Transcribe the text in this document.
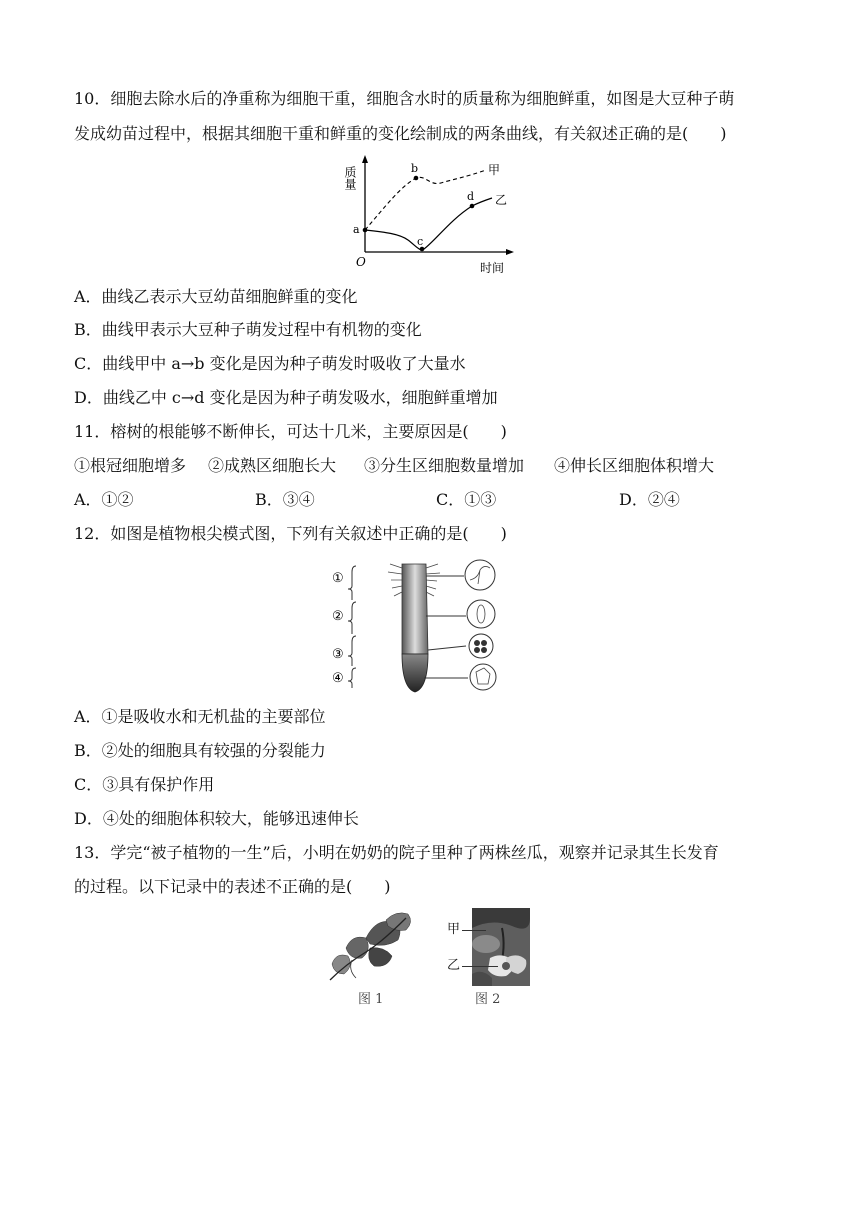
10．细胞去除水后的净重称为细胞干重，细胞含水时的质量称为细胞鲜重，如图是大豆种子萌
发成幼苗过程中，根据其细胞干重和鲜重的变化绘制成的两条曲线，有关叙述正确的是(　　)
质量
时间
O
a
b
c
d
甲
乙
A．曲线乙表示大豆幼苗细胞鲜重的变化
B．曲线甲表示大豆种子萌发过程中有机物的变化
C．曲线甲中 a→b 变化是因为种子萌发时吸收了大量水
D．曲线乙中 c→d 变化是因为种子萌发吸水，细胞鲜重增加
11．榕树的根能够不断伸长，可达十几米，主要原因是(　　)
①根冠细胞增多 ②成熟区细胞长大 ③分生区细胞数量增加 ④伸长区细胞体积增大
A．①②	B．③④	C．①③	D．②④
12．如图是植物根尖模式图，下列有关叙述中正确的是(　　)
①
②
③
④
A．①是吸收水和无机盐的主要部位
B．②处的细胞具有较强的分裂能力
C．③具有保护作用
D．④处的细胞体积较大，能够迅速伸长
13．学完“被子植物的一生”后，小明在奶奶的院子里种了两株丝瓜，观察并记录其生长发育
的过程。以下记录中的表述不正确的是(　　)
甲
乙
图 1	图 2
